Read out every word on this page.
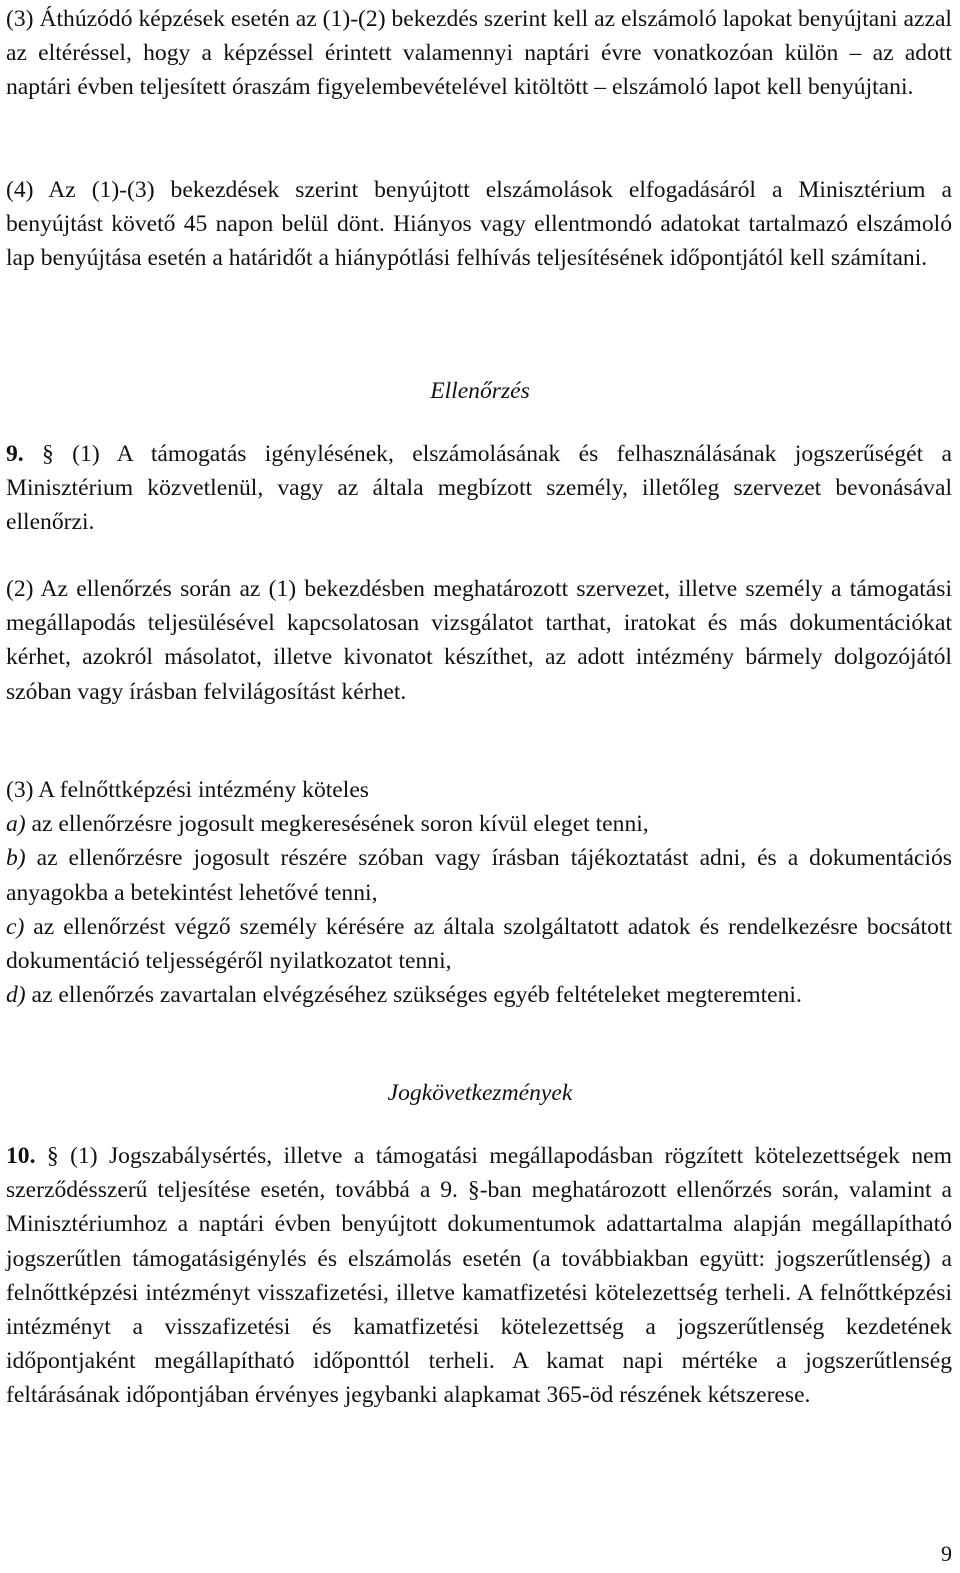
(3) Áthúzódó képzések esetén az (1)-(2) bekezdés szerint kell az elszámoló lapokat benyújtani azzal az eltéréssel, hogy a képzéssel érintett valamennyi naptári évre vonatkozóan külön – az adott naptári évben teljesített óraszám figyelembevételével kitöltött – elszámoló lapot kell benyújtani.

(4) Az (1)-(3) bekezdések szerint benyújtott elszámolások elfogadásáról a Minisztérium a benyújtást követő 45 napon belül dönt. Hiányos vagy ellentmondó adatokat tartalmazó elszámoló lap benyújtása esetén a határidőt a hiánypótlási felhívás teljesítésének időpontjától kell számítani.

Ellenőrzés

9. § (1) A támogatás igénylésének, elszámolásának és felhasználásának jogszerűségét a Minisztérium közvetlenül, vagy az általa megbízott személy, illetőleg szervezet bevonásával ellenőrzi.

(2) Az ellenőrzés során az (1) bekezdésben meghatározott szervezet, illetve személy a támogatási megállapodás teljesülésével kapcsolatosan vizsgálatot tarthat, iratokat és más dokumentációkat kérhet, azokról másolatot, illetve kivonatot készíthet, az adott intézmény bármely dolgozójától szóban vagy írásban felvilágosítást kérhet.

(3) A felnőttképzési intézmény köteles
a) az ellenőrzésre jogosult megkeresésének soron kívül eleget tenni,
b) az ellenőrzésre jogosult részére szóban vagy írásban tájékoztatást adni, és a dokumentációs anyagokba a betekintést lehetővé tenni,
c) az ellenőrzést végző személy kérésére az általa szolgáltatott adatok és rendelkezésre bocsátott dokumentáció teljességéről nyilatkozatot tenni,
d) az ellenőrzés zavartalan elvégzéséhez szükséges egyéb feltételeket megteremteni.

Jogkövetkezmények

10. § (1) Jogszabálysértés, illetve a támogatási megállapodásban rögzített kötelezettségek nem szerződésszerű teljesítése esetén, továbbá a 9. §-ban meghatározott ellenőrzés során, valamint a Minisztériumhoz a naptári évben benyújtott dokumentumok adattartalma alapján megállapítható jogszerűtlen támogatásigénylés és elszámolás esetén (a továbbiakban együtt: jogszerűtlenség) a felnőttképzési intézményt visszafizetési, illetve kamatfizetési kötelezettség terheli. A felnőttképzési intézményt a visszafizetési és kamatfizetési kötelezettség a jogszerűtlenség kezdetének időpontjaként megállapítható időponttól terheli. A kamat napi mértéke a jogszerűtlenség feltárásának időpontjában érvényes jegybanki alapkamat 365-öd részének kétszerese.

9
